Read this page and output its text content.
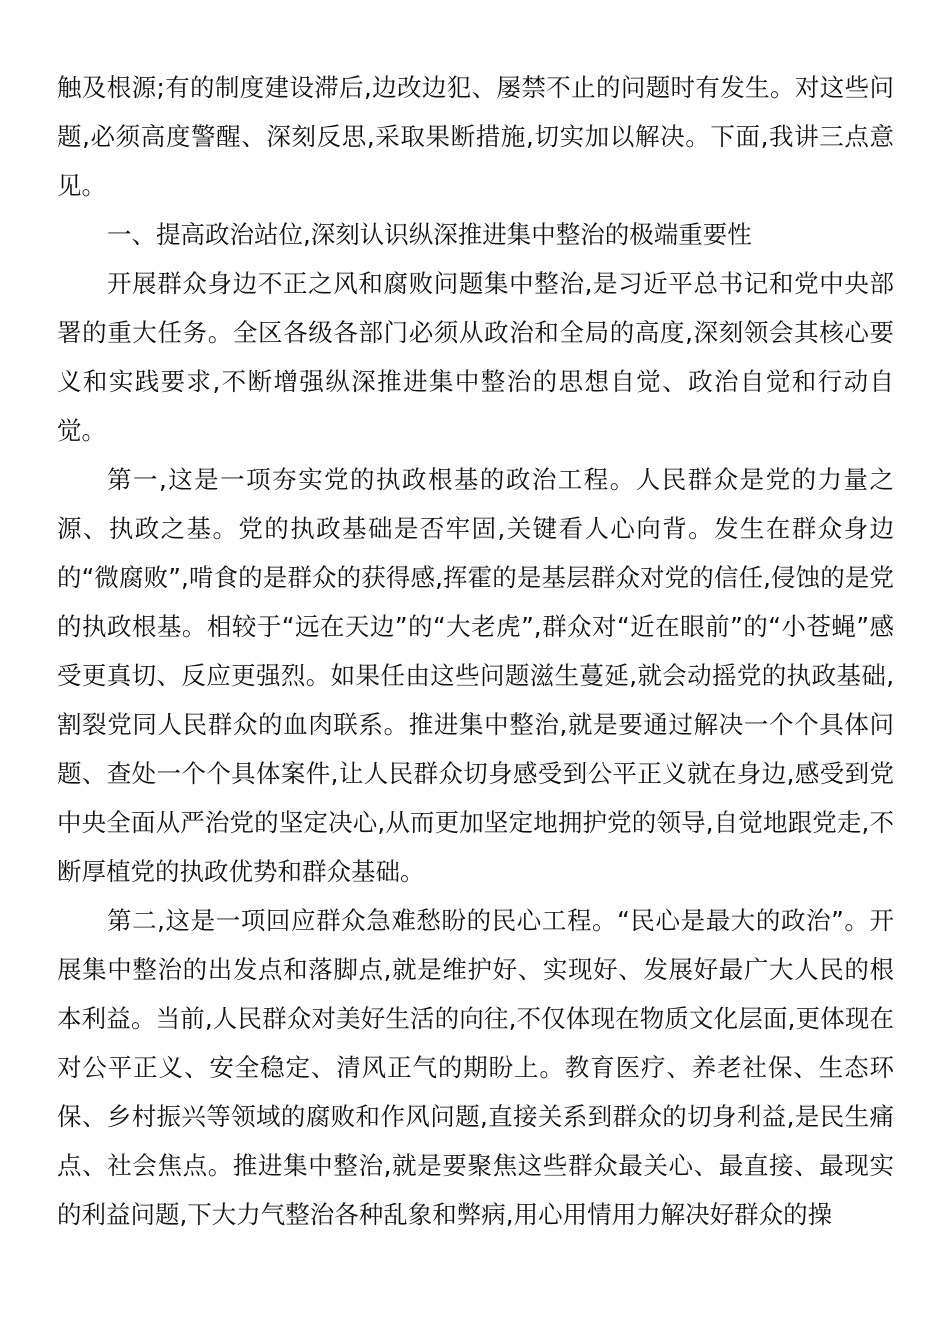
触及根源;有的制度建设滞后,边改边犯、屡禁不止的问题时有发生。对这些问题,必须高度警醒、深刻反思,采取果断措施,切实加以解决。下面,我讲三点意见。

一、提高政治站位,深刻认识纵深推进集中整治的极端重要性

开展群众身边不正之风和腐败问题集中整治,是习近平总书记和党中央部署的重大任务。全区各级各部门必须从政治和全局的高度,深刻领会其核心要义和实践要求,不断增强纵深推进集中整治的思想自觉、政治自觉和行动自觉。

第一,这是一项夯实党的执政根基的政治工程。人民群众是党的力量之源、执政之基。党的执政基础是否牢固,关键看人心向背。发生在群众身边的“微腐败”,啃食的是群众的获得感,挥霍的是基层群众对党的信任,侵蚀的是党的执政根基。相较于“远在天边”的“大老虎”,群众对“近在眼前”的“小苍蝇”感受更真切、反应更强烈。如果任由这些问题滋生蔓延,就会动摇党的执政基础,割裂党同人民群众的血肉联系。推进集中整治,就是要通过解决一个个具体问题、查处一个个具体案件,让人民群众切身感受到公平正义就在身边,感受到党中央全面从严治党的坚定决心,从而更加坚定地拥护党的领导,自觉地跟党走,不断厚植党的执政优势和群众基础。

第二,这是一项回应群众急难愁盼的民心工程。“民心是最大的政治”。开展集中整治的出发点和落脚点,就是维护好、实现好、发展好最广大人民的根本利益。当前,人民群众对美好生活的向往,不仅体现在物质文化层面,更体现在对公平正义、安全稳定、清风正气的期盼上。教育医疗、养老社保、生态环保、乡村振兴等领域的腐败和作风问题,直接关系到群众的切身利益,是民生痛点、社会焦点。推进集中整治,就是要聚焦这些群众最关心、最直接、最现实的利益问题,下大力气整治各种乱象和弊病,用心用情用力解决好群众的操
